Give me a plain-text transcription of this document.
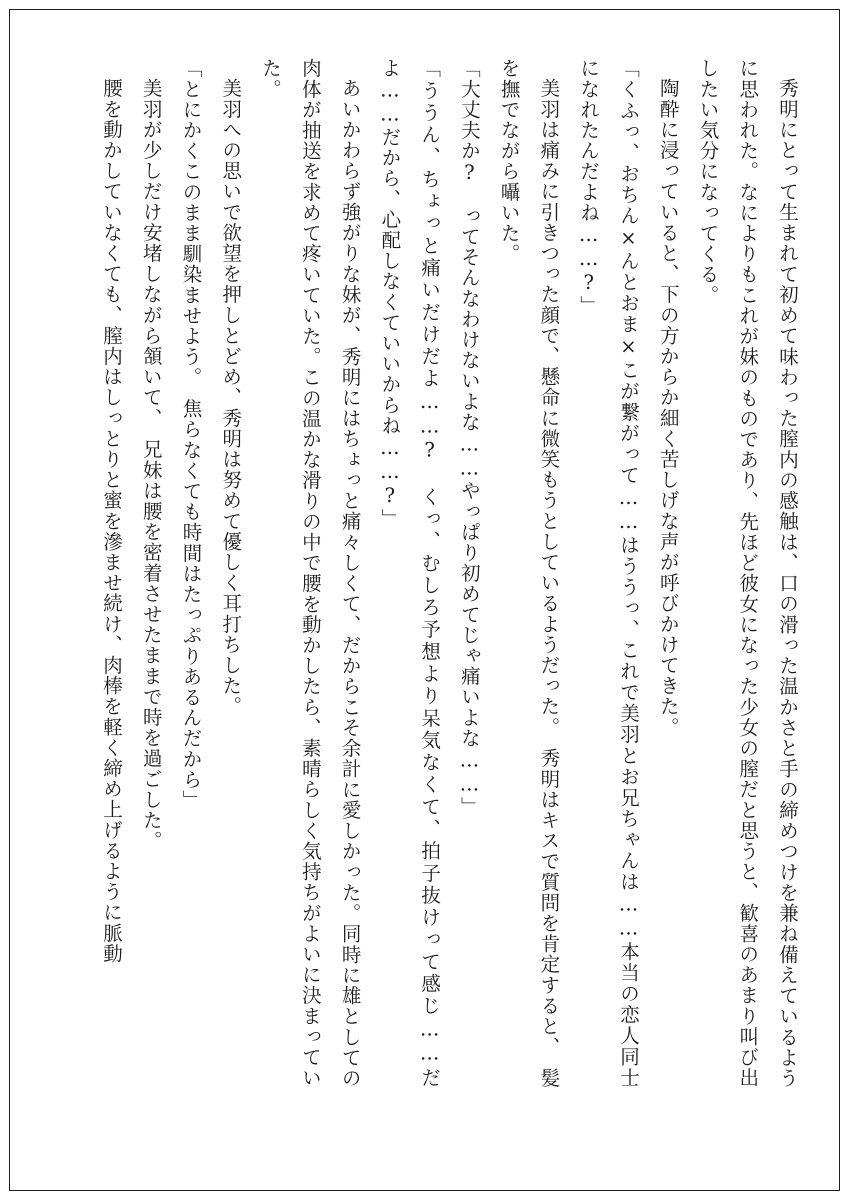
秀明にとって生まれて初めて味わった膣内の感触は、口の滑った温かさと手の締めつけを兼ね備えているように思われた。なによりもこれが妹のものであり、先ほど彼女になった少女の膣だと思うと、歓喜のあまり叫び出したい気分になってくる。

陶酔に浸っていると、下の方からか細く苦しげな声が呼びかけてきた。

「くふっ、おちん×んとおま×こが繋がって……はううっ、これで美羽とお兄ちゃんは……本当の恋人同士になれたんだよね……?」

美羽は痛みに引きつった顔で、懸命に微笑もうとしているようだった。　秀明はキスで質問を肯定すると、　髪を撫でながら囁いた。

「大丈夫か?　ってそんなわけないよな……やっぱり初めてじゃ痛いよな……」

「ううん、ちょっと痛いだけだよ……?　くっ、むしろ予想より呆気なくて、拍子抜けって感じ……だよ……だから、心配しなくていいからね……?」

あいかわらず強がりな妹が、秀明にはちょっと痛々しくて、だからこそ余計に愛しかった。同時に雄としての肉体が抽送を求めて疼いていた。この温かな滑りの中で腰を動かしたら、素晴らしく気持ちがよいに決まっていた。

美羽への思いで欲望を押しとどめ、秀明は努めて優しく耳打ちした。

「とにかくこのまま馴染ませよう。　焦らなくても時間はたっぷりあるんだから」

美羽が少しだけ安堵しながら頷いて、　兄妹は腰を密着させたままで時を過ごした。

腰を動かしていなくても、膣内はしっとりと蜜を滲ませ続け、肉棒を軽く締め上げるように脈動
